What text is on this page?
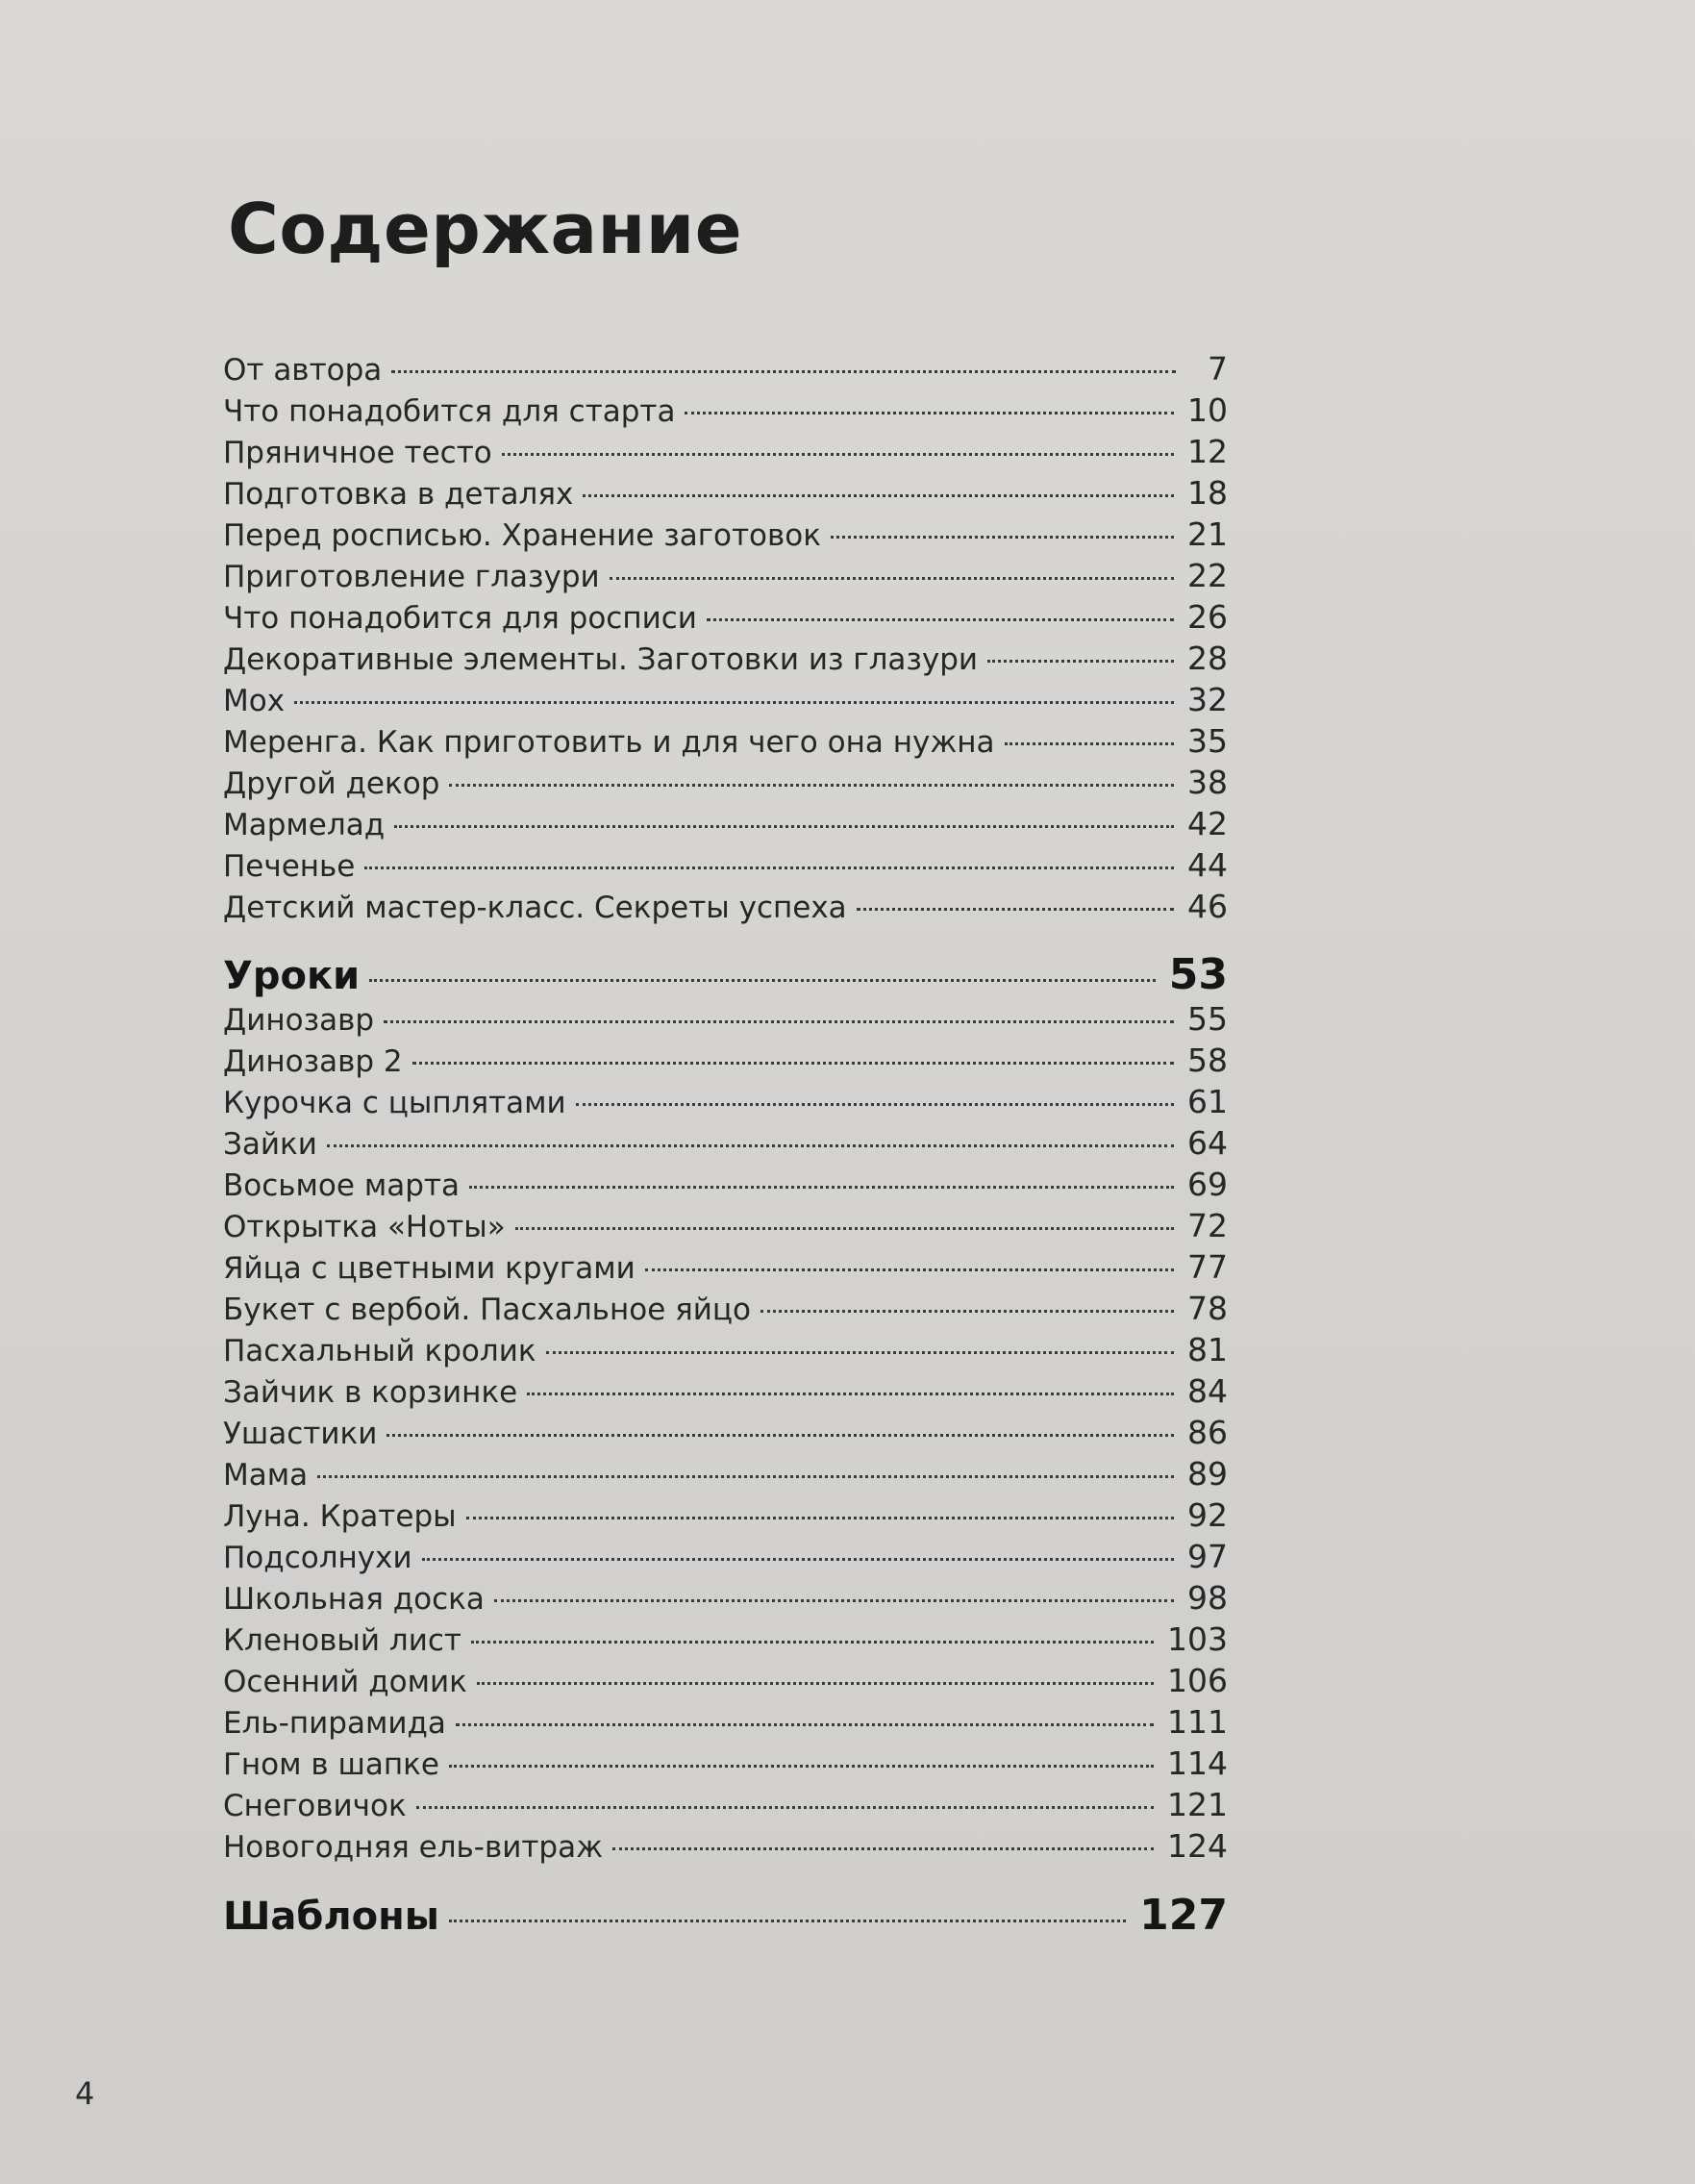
Содержание
От автора	7
Что понадобится для старта	10
Пряничное тесто	12
Подготовка в деталях	18
Перед росписью. Хранение заготовок	21
Приготовление глазури	22
Что понадобится для росписи	26
Декоративные элементы. Заготовки из глазури	28
Мох	32
Меренга. Как приготовить и для чего она нужна	35
Другой декор	38
Мармелад	42
Печенье	44
Детский мастер-класс. Секреты успеха	46
Уроки	53
Динозавр	55
Динозавр 2	58
Курочка с цыплятами	61
Зайки	64
Восьмое марта	69
Открытка «Ноты»	72
Яйца с цветными кругами	77
Букет с вербой. Пасхальное яйцо	78
Пасхальный кролик	81
Зайчик в корзинке	84
Ушастики	86
Мама	89
Луна. Кратеры	92
Подсолнухи	97
Школьная доска	98
Кленовый лист	103
Осенний домик	106
Ель-пирамида	111
Гном в шапке	114
Снеговичок	121
Новогодняя ель-витраж	124
Шаблоны	127
4
